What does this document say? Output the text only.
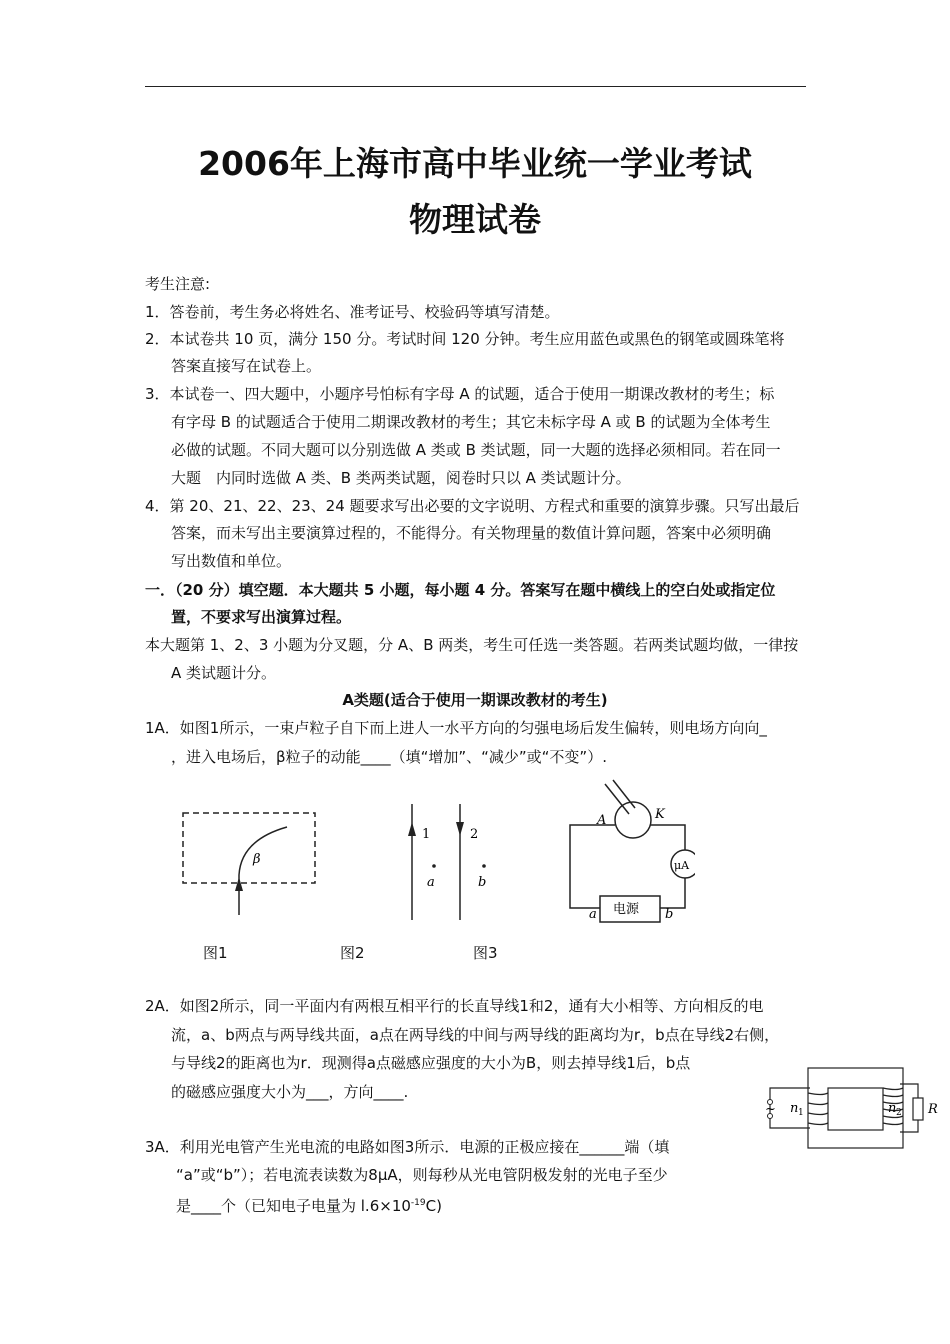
2006年上海市高中毕业统一学业考试
物理试卷
考生注意:
1．答卷前，考生务必将姓名、准考证号、校验码等填写清楚。
2．本试卷共 10 页，满分 150 分。考试时间 120 分钟。考生应用蓝色或黑色的钢笔或圆珠笔将
答案直接写在试卷上。
3．本试卷一、四大题中，小题序号怕标有字母 A 的试题，适合于使用一期课改教材的考生；标
有字母 B 的试题适合于使用二期课改教材的考生；其它未标字母 A 或 B 的试题为全体考生
必做的试题。不同大题可以分别选做 A 类或 B 类试题，同一大题的选择必须相同。若在同一
大题　内同时选做 A 类、B 类两类试题，阅卷时只以 A 类试题计分。
4．第 20、21、22、23、24 题要求写出必要的文字说明、方程式和重要的演算步骤。只写出最后
答案，而未写出主要演算过程的，不能得分。有关物理量的数值计算问题，答案中必须明确
写出数值和单位。
一．（20 分）填空题．本大题共 5 小题，每小题 4 分。答案写在题中横线上的空白处或指定位
置，不要求写出演算过程。
本大题第 1、2、3 小题为分叉题，分 A、B 两类，考生可任选一类答题。若两类试题均做，一律按
A 类试题计分。
A类题(适合于使用一期课改教材的考生)
1A．如图1所示，一束卢粒子自下而上进人一水平方向的匀强电场后发生偏转，则电场方向向_
，进入电场后，β粒子的动能____（填“增加”、“减少”或“不变”）.
β
图1
1	2
a	b
图2
A	K
μA
电源
a	b
图3
2A．如图2所示，同一平面内有两根互相平行的长直导线1和2，通有大小相等、方向相反的电
流，a、b两点与两导线共面，a点在两导线的中间与两导线的距离均为r，b点在导线2右侧，
与导线2的距离也为r．现测得a点磁感应强度的大小为B，则去掉导线1后，b点
的磁感应强度大小为___，方向____.
~ n 1	n 2 R
3A．利用光电管产生光电流的电路如图3所示．电源的正极应接在______端（填
“a”或“b”）；若电流表读数为8μA，则每秒从光电管阴极发射的光电子至少
是____个（已知电子电量为 $l.6\times 10^{-19}C$)
